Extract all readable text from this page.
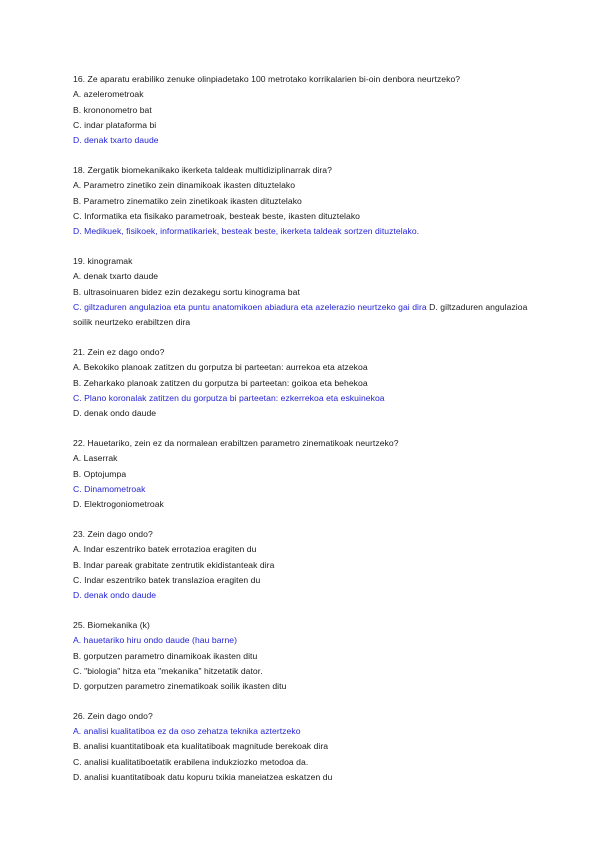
16. Ze aparatu erabiliko zenuke olinpiadetako 100 metrotako korrikalarien bi-oin denbora neurtzeko?
A. azelerometroak
B. krononometro bat
C. indar plataforma bi
D. denak txarto daude
18. Zergatik biomekanikako ikerketa taldeak multidiziplinarrak dira?
A. Parametro zinetiko zein dinamikoak ikasten dituztelako
B. Parametro zinematiko zein zinetikoak ikasten dituztelako
C. Informatika eta fisikako parametroak, besteak beste, ikasten dituztelako
D. Medikuek, fisikoek, informatikariek, besteak beste, ikerketa taldeak sortzen dituztelako.
19. kinogramak
A. denak txarto daude
B. ultrasoinuaren bidez ezin dezakegu sortu kinograma bat
C. giltzaduren angulazioa eta puntu anatomikoen abiadura eta azelerazio neurtzeko gai dira D. giltzaduren angulazioa soilik neurtzeko erabiltzen dira
21. Zein ez dago ondo?
A. Bekokiko planoak zatitzen du gorputza bi parteetan: aurrekoa eta atzekoa
B. Zeharkako planoak zatitzen du gorputza bi parteetan: goikoa eta behekoa
C. Plano koronalak zatitzen du gorputza bi parteetan: ezkerrekoa eta eskuinekoa
D. denak ondo daude
22. Hauetariko, zein ez da normalean erabiltzen parametro zinematikoak neurtzeko?
A. Laserrak
B. Optojumpa
C. Dinamometroak
D. Elektrogoniometroak
23. Zein dago ondo?
A. Indar eszentriko batek errotazioa eragiten du
B. Indar pareak grabitate zentrutik ekidistanteak dira
C. Indar eszentriko batek translazioa eragiten du
D. denak ondo daude
25. Biomekanika (k)
A. hauetariko hiru ondo daude (hau barne)
B. gorputzen parametro dinamikoak ikasten ditu
C. "biologia" hitza eta "mekanika" hitzetatik dator.
D. gorputzen parametro zinematikoak soilik ikasten ditu
26. Zein dago ondo?
A. analisi kualitatiboa ez da oso zehatza teknika aztertzeko
B. analisi kuantitatiboak eta kualitatiboak magnitude berekoak dira
C. analisi kualitatiboetatik erabilena indukziozko metodoa da.
D. analisi kuantitatiboak datu kopuru txikia maneiatzea eskatzen du
